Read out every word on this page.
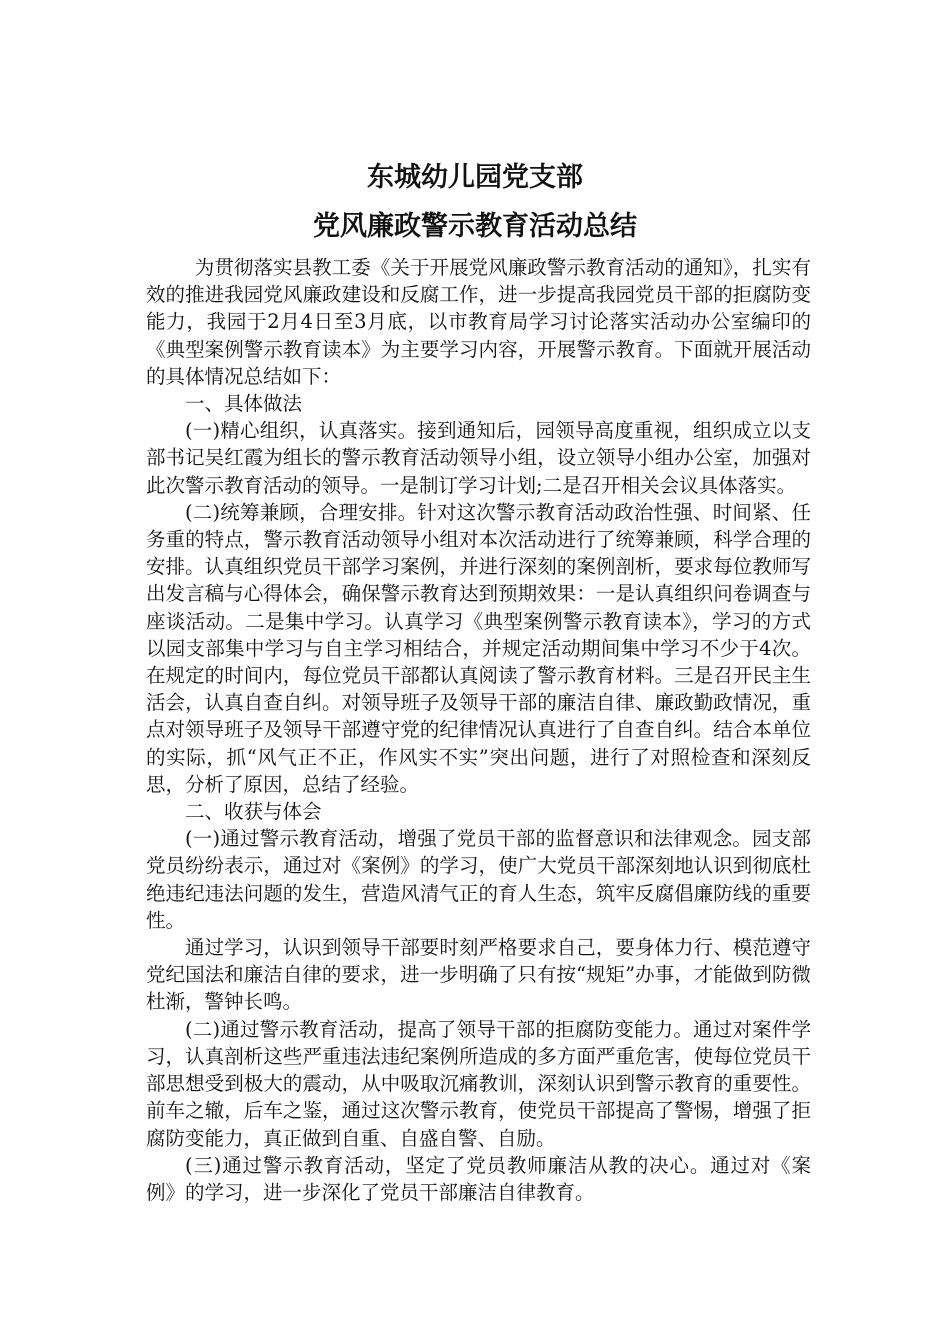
东城幼儿园党支部
党风廉政警示教育活动总结

为贯彻落实县教工委《关于开展党风廉政警示教育活动的通知》，扎实有效的推进我园党风廉政建设和反腐工作，进一步提高我园党员干部的拒腐防变能力，我园于2月4日至3月底，以市教育局学习讨论落实活动办公室编印的《典型案例警示教育读本》为主要学习内容，开展警示教育。下面就开展活动的具体情况总结如下：

一、具体做法

(一)精心组织，认真落实。接到通知后，园领导高度重视，组织成立以支部书记吴红霞为组长的警示教育活动领导小组，设立领导小组办公室，加强对此次警示教育活动的领导。一是制订学习计划;二是召开相关会议具体落实。

(二)统筹兼顾，合理安排。针对这次警示教育活动政治性强、时间紧、任务重的特点，警示教育活动领导小组对本次活动进行了统筹兼顾，科学合理的安排。认真组织党员干部学习案例，并进行深刻的案例剖析，要求每位教师写出发言稿与心得体会，确保警示教育达到预期效果：一是认真组织问卷调查与座谈活动。二是集中学习。认真学习《典型案例警示教育读本》，学习的方式以园支部集中学习与自主学习相结合，并规定活动期间集中学习不少于4次。在规定的时间内，每位党员干部都认真阅读了警示教育材料。三是召开民主生活会，认真自查自纠。对领导班子及领导干部的廉洁自律、廉政勤政情况，重点对领导班子及领导干部遵守党的纪律情况认真进行了自查自纠。结合本单位的实际，抓“风气正不正，作风实不实”突出问题，进行了对照检查和深刻反思，分析了原因，总结了经验。

二、收获与体会

(一)通过警示教育活动，增强了党员干部的监督意识和法律观念。园支部党员纷纷表示，通过对《案例》的学习，使广大党员干部深刻地认识到彻底杜绝违纪违法问题的发生，营造风清气正的育人生态，筑牢反腐倡廉防线的重要性。

通过学习，认识到领导干部要时刻严格要求自己，要身体力行、模范遵守党纪国法和廉洁自律的要求，进一步明确了只有按“规矩”办事，才能做到防微杜渐，警钟长鸣。

(二)通过警示教育活动，提高了领导干部的拒腐防变能力。通过对案件学习，认真剖析这些严重违法违纪案例所造成的多方面严重危害，使每位党员干部思想受到极大的震动，从中吸取沉痛教训，深刻认识到警示教育的重要性。前车之辙，后车之鉴，通过这次警示教育，使党员干部提高了警惕，增强了拒腐防变能力，真正做到自重、自盛自警、自励。

(三)通过警示教育活动，坚定了党员教师廉洁从教的决心。通过对《案例》的学习，进一步深化了党员干部廉洁自律教育。
